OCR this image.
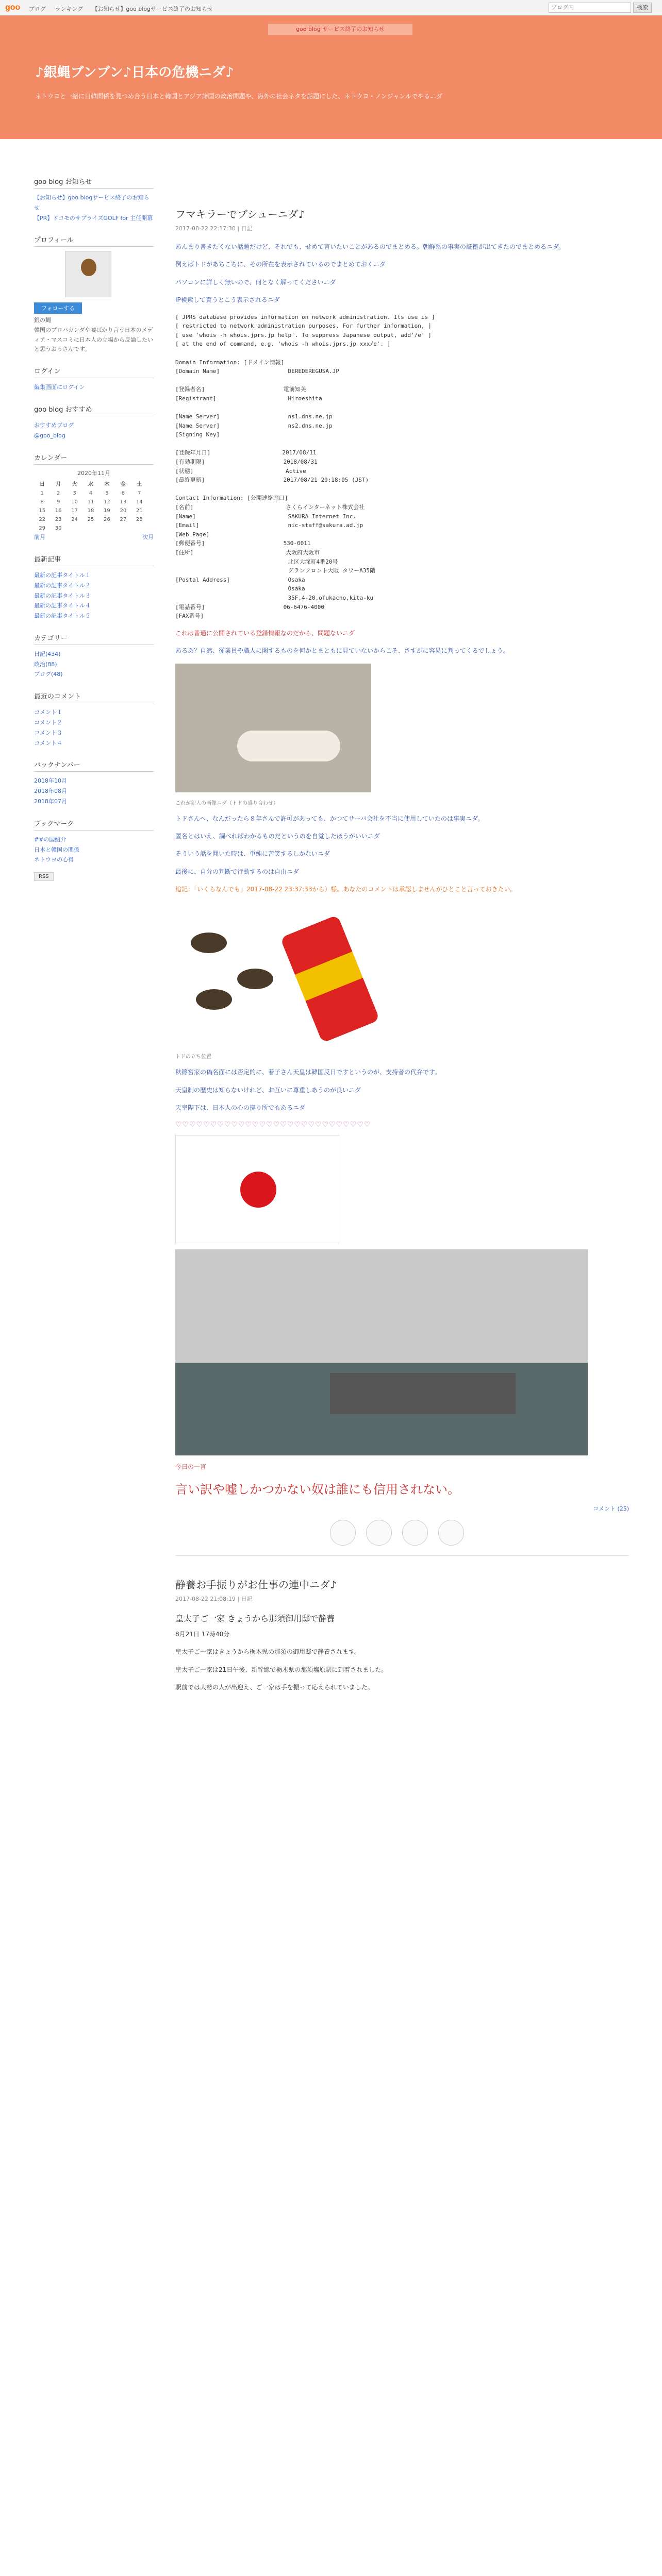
goo ブログ ランキング 【お知らせ】goo blogサービス終了のお知らせ
ブログ内	検索
goo blog サービス終了のお知らせ
♪銀蝿ブンブン♪日本の危機ニダ♪
ネトウヨと一緒に日韓関係を見つめ合う日本と韓国とアジア諸国の政治問題や、海外の社会ネタを話題にした、ネトウヨ・ノンジャンルでやるニダ
goo blog お知らせ
【お知らせ】goo blogサービス終了のお知らせ
【PR】ドコモのサプライズGOLF for 主任開幕
プロフィール
フォローする
銀の蝿
韓国のプロパガンダや嘘ばかり言う日本のメディア・マスコミに日本人の立場から反論したいと思うおっさんです。
ログイン
編集画面にログイン
goo blog おすすめ
おすすめブログ
@goo_blog
カレンダー
2020年11月
日	月	火	水	木	金	土
1	2	3	4	5	6	7
8	9	10	11	12	13	14
15	16	17	18	19	20	21
22	23	24	25	26	27	28
29	30					
前月	次月
最新記事
最新の記事タイトル１
最新の記事タイトル２
最新の記事タイトル３
最新の記事タイトル４
最新の記事タイトル５
カテゴリー
日記(434)
政治(88)
ブログ(48)
最近のコメント
コメント１
コメント２
コメント３
コメント４
バックナンバー
2018年10月
2018年08月
2018年07月
ブックマーク
##の国紹介
日本と韓国の関係
ネトウヨの心得
RSS
フマキラーでブシューニダ♪
2017-08-22 22:17:30 | 日記
あんまり書きたくない話題だけど、それでも、せめて言いたいことがあるのでまとめる。朝鮮系の事実の証拠が出てきたのでまとめるニダ。
例えばトドがあちこちに、その所在を表示されているのでまとめておくニダ
パソコンに詳しく無いので、何となく解ってくださいニダ
IP検索して貰うとこう表示されるニダ
[ JPRS database provides information on network administration. Its use is ]
[ restricted to network administration purposes. For further information, ]
[ use 'whois -h whois.jprs.jp help'. To suppress Japanese output, add'/e' ]
[ at the end of command, e.g. 'whois -h whois.jprs.jp xxx/e'. ]

Domain Information: [ドメイン情報]
[Domain Name]                    DEREDEREGUSA.JP

[登録者名]                       電前知美
[Registrant]                     Hiroeshita

[Name Server]                    ns1.dns.ne.jp
[Name Server]                    ns2.dns.ne.jp
[Signing Key]

[登録年月日]                     2017/08/11
[有効期限]                       2018/08/31
[状態]                           Active
[最終更新]                       2017/08/21 20:18:05 (JST)

Contact Information: [公開連絡窓口]
[名前]                           さくらインターネット株式会社
[Name]                           SAKURA Internet Inc.
[Email]                          nic-staff@sakura.ad.jp
[Web Page]
[郵便番号]                       530-0011
[住所]                           大阪府大阪市
北区大深町4番20号
グランフロント大阪 タワーA35階
[Postal Address]                 Osaka
Osaka
35F,4-20,ofukacho,kita-ku
[電話番号]                       06-6476-4000
[FAX番号]
これは普通に公開されている登録情報なのだから、問題ないニダ
あるあ？自然、従業員や職人に関するものを何かとまともに見ていないからこそ、さすがに容易に判ってくるでしょう。
これが犯人の画像ニダ（トドの盛り合わせ）
トドさんへ、なんだったら８年さんで許可があっても、かつてサーバ会社を不当に使用していたのは事実ニダ。
匿名とはいえ、調べればわかるものだというのを自覚したほうがいいニダ
そういう話を聞いた時は、単純に苦笑するしかないニダ
最後に、自分の判断で行動するのは自由ニダ
追記：「いくらなんでも」2017-08-22 23:37:33から）様。あなたのコメントは承認しませんがひとこと言っておきたい。
トドの立ち位置
秋篠宮家の偽名面には否定的に、着子さん天皇は韓国反日ですというのが、支持者の代弁です。
天皇制の歴史は知らないけれど、お互いに尊重しあうのが良いニダ
天皇陛下は、日本人の心の拠り所でもあるニダ
♡♡♡♡♡♡♡♡♡♡♡♡♡♡♡♡♡♡♡♡♡♡♡♡♡♡♡♡
今日の一言
言い訳や嘘しかつかない奴は誰にも信用されない。
コメント (25)
静養お手振りがお仕事の連中ニダ♪
2017-08-22 21:08:19 | 日記
皇太子ご一家 きょうから那須御用邸で静養
8月21日 17時40分
皇太子ご一家はきょうから栃木県の那須の御用邸で静養されます。
皇太子ご一家は21日午後、新幹線で栃木県の那須塩原駅に到着されました。
駅前では大勢の人が出迎え、ご一家は手を振って応えられていました。
